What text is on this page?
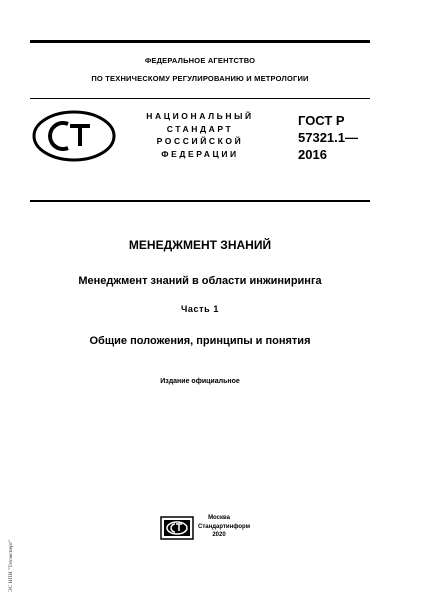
ФЕДЕРАЛЬНОЕ АГЕНТСТВО
ПО ТЕХНИЧЕСКОМУ РЕГУЛИРОВАНИЮ И МЕТРОЛОГИИ
НАЦИОНАЛЬНЫЙ
СТАНДАРТ
РОССИЙСКОЙ
ФЕДЕРАЦИИ
ГОСТ Р
57321.1—
2016
МЕНЕДЖМЕНТ ЗНАНИЙ
Менеджмент знаний в области инжиниринга
Часть 1
Общие положения, принципы и понятия
Издание официальное
Москва
Стандартинформ
2020
ЭС НПИ "Техэксперт"
